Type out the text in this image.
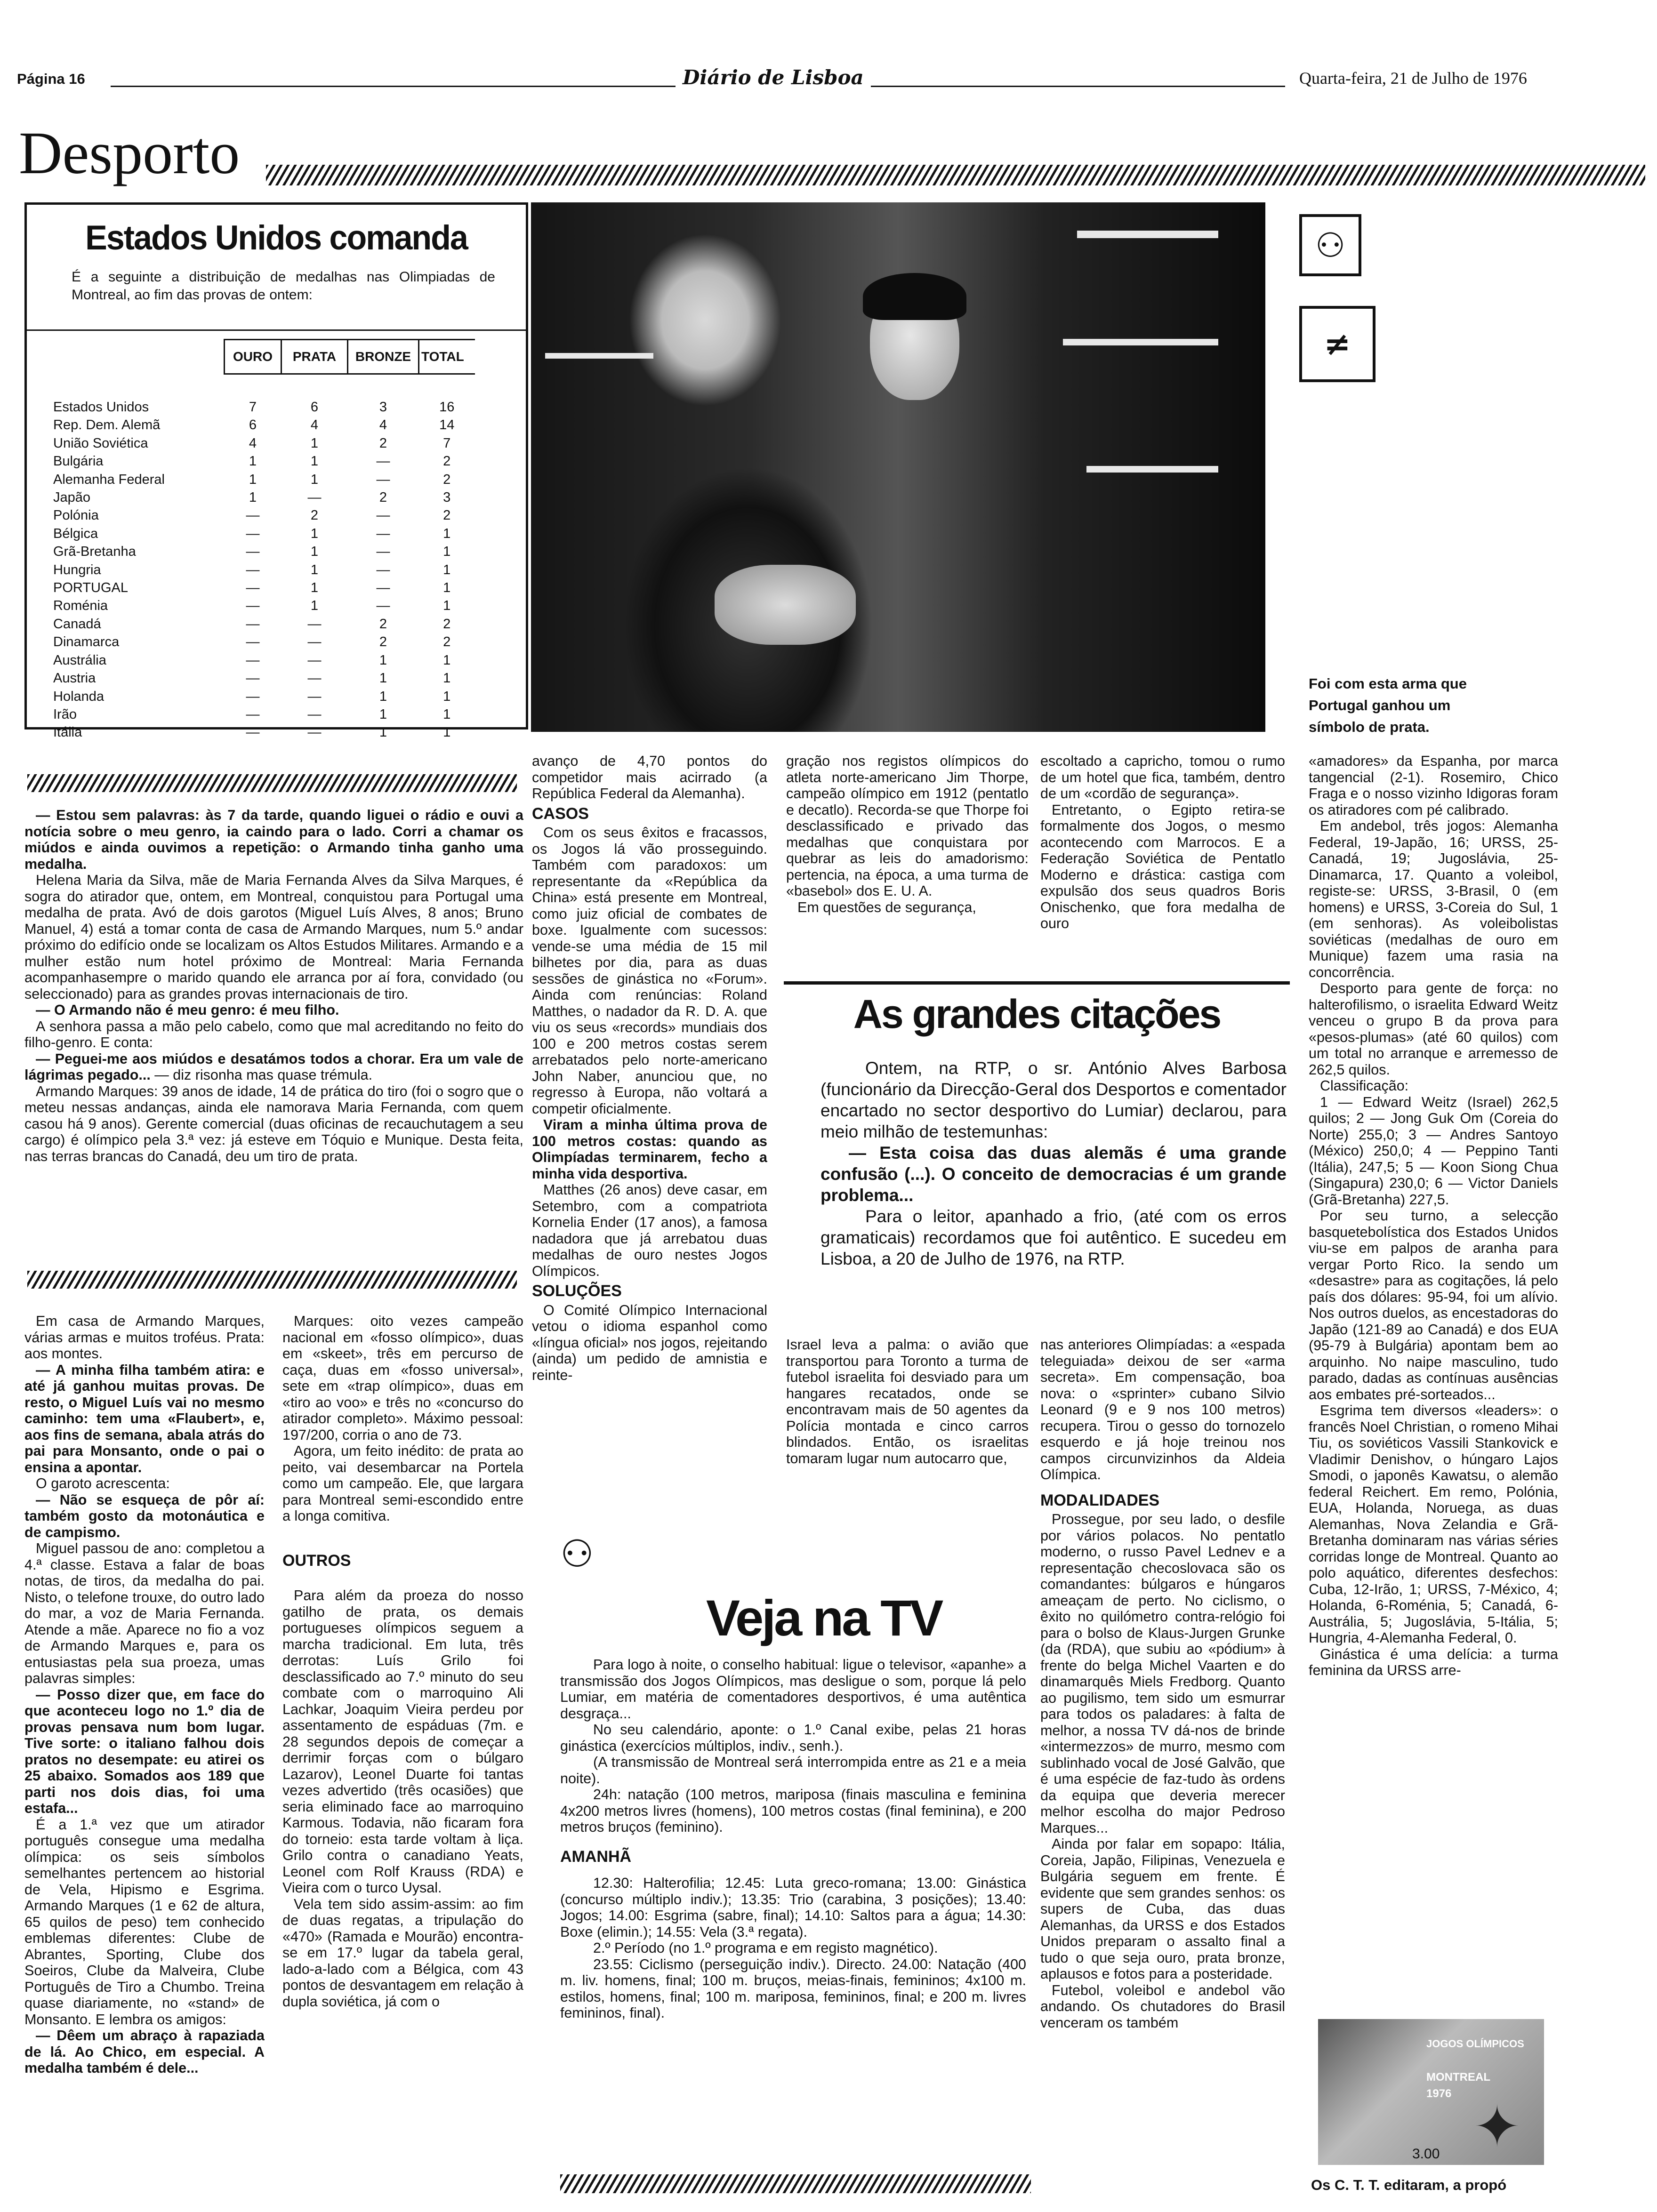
Página 16	Diário de Lisboa	Quarta-feira, 21 de Julho de 1976
Desporto
Estados Unidos comanda
É a seguinte a distribuição de medalhas nas Olimpiadas de Montreal, ao fim das provas de ontem:
	OURO	PRATA	BRONZE	TOTAL

Estados Unidos	7	6	3	16
Rep. Dem. Alemã	6	4	4	14
União Soviética	4	1	2	7
Bulgária	1	1	—	2
Alemanha Federal	1	1	—	2
Japão	1	—	2	3
Polónia	—	2	—	2
Bélgica	—	1	—	1
Grã-Bretanha	—	1	—	1
Hungria	—	1	—	1
PORTUGAL	—	1	—	1
Roménia	—	1	—	1
Canadá	—	—	2	2
Dinamarca	—	—	2	2
Austrália	—	—	1	1
Austria	—	—	1	1
Holanda	—	—	1	1
Irão	—	—	1	1
Itália	—	—	1	1
⚇
≠
Foi com esta arma que Portugal ganhou um símbolo de prata.

— Estou sem palavras: às 7 da tarde, quando liguei o rádio e ouvi a notícia sobre o meu genro, ia caindo para o lado. Corri a chamar os miúdos e ainda ouvimos a repetição: o Armando tinha ganho uma medalha.

Helena Maria da Silva, mãe de Maria Fernanda Alves da Silva Marques, é sogra do atirador que, ontem, em Montreal, conquistou para Portugal uma medalha de prata. Avó de dois garotos (Miguel Luís Alves, 8 anos; Bruno Manuel, 4) está a tomar conta de casa de Armando Marques, num 5.º andar próximo do edifício onde se localizam os Altos Estudos Militares. Armando e a mulher estão num hotel próximo de Montreal: Maria Fernanda acompanhasempre o marido quando ele arranca por aí fora, convidado (ou seleccionado) para as grandes provas internacionais de tiro.

— O Armando não é meu genro: é meu filho.

A senhora passa a mão pelo cabelo, como que mal acreditando no feito do filho-genro. E conta:

— Peguei-me aos miúdos e desatámos todos a chorar. Era um vale de lágrimas pegado... — diz risonha mas quase trémula.

Armando Marques: 39 anos de idade, 14 de prática do tiro (foi o sogro que o meteu nessas andanças, ainda ele namorava Maria Fernanda, com quem casou há 9 anos). Gerente comercial (duas oficinas de recauchutagem a seu cargo) é olímpico pela 3.ª vez: já esteve em Tóquio e Munique. Desta feita, nas terras brancas do Canadá, deu um tiro de prata.

Em casa de Armando Marques, várias armas e muitos troféus. Prata: aos montes.

— A minha filha também atira: e até já ganhou muitas provas. De resto, o Miguel Luís vai no mesmo caminho: tem uma «Flaubert», e, aos fins de semana, abala atrás do pai para Monsanto, onde o pai o ensina a apontar.

O garoto acrescenta:

— Não se esqueça de pôr aí: também gosto da motonáutica e de campismo.

Miguel passou de ano: completou a 4.ª classe. Estava a falar de boas notas, de tiros, da medalha do pai. Nisto, o telefone trouxe, do outro lado do mar, a voz de Maria Fernanda. Atende a mãe. Aparece no fio a voz de Armando Marques e, para os entusiastas pela sua proeza, umas palavras simples:

— Posso dizer que, em face do que aconteceu logo no 1.º dia de provas pensava num bom lugar. Tive sorte: o italiano falhou dois pratos no desempate: eu atirei os 25 abaixo. Somados aos 189 que parti nos dois dias, foi uma estafa...

É a 1.ª vez que um atirador português consegue uma medalha olímpica: os seis símbolos semelhantes pertencem ao historial de Vela, Hipismo e Esgrima. Armando Marques (1 e 62 de altura, 65 quilos de peso) tem conhecido emblemas diferentes: Clube de Abrantes, Sporting, Clube dos Soeiros, Clube da Malveira, Clube Português de Tiro a Chumbo. Treina quase diariamente, no «stand» de Monsanto. E lembra os amigos:

— Dêem um abraço à rapaziada de lá. Ao Chico, em especial. A medalha também é dele...

Marques: oito vezes campeão nacional em «fosso olímpico», duas em «skeet», três em percurso de caça, duas em «fosso universal», sete em «trap olímpico», duas em «tiro ao voo» e três no «concurso do atirador completo». Máximo pessoal: 197/200, corria o ano de 73.

Agora, um feito inédito: de prata ao peito, vai desembarcar na Portela como um campeão. Ele, que largara para Montreal semi-escondido entre a longa comitiva.

OUTROS

Para além da proeza do nosso gatilho de prata, os demais portugueses olímpicos seguem a marcha tradicional. Em luta, três derrotas: Luís Grilo foi desclassificado ao 7.º minuto do seu combate com o marroquino Ali Lachkar, Joaquim Vieira perdeu por assentamento de espáduas (7m. e 28 segundos depois de começar a derrimir forças com o búlgaro Lazarov), Leonel Duarte foi tantas vezes advertido (três ocasiões) que seria eliminado face ao marroquino Karmous. Todavia, não ficaram fora do torneio: esta tarde voltam à liça. Grilo contra o canadiano Yeats, Leonel com Rolf Krauss (RDA) e Vieira com o turco Uysal.

Vela tem sido assim-assim: ao fim de duas regatas, a tripulação do «470» (Ramada e Mourão) encontra-se em 17.º lugar da tabela geral, lado-a-lado com a Bélgica, com 43 pontos de desvantagem em relação à dupla soviética, já com o

avanço de 4,70 pontos do competidor mais acirrado (a República Federal da Alemanha).

CASOS

Com os seus êxitos e fracassos, os Jogos lá vão prosseguindo. Também com paradoxos: um representante da «República da China» está presente em Montreal, como juiz oficial de combates de boxe. Igualmente com sucessos: vende-se uma média de 15 mil bilhetes por dia, para as duas sessões de ginástica no «Forum». Ainda com renúncias: Roland Matthes, o nadador da R. D. A. que viu os seus «records» mundiais dos 100 e 200 metros costas serem arrebatados pelo norte-americano John Naber, anunciou que, no regresso à Europa, não voltará a competir oficialmente.

Viram a minha última prova de 100 metros costas: quando as Olimpíadas terminarem, fecho a minha vida desportiva.

Matthes (26 anos) deve casar, em Setembro, com a compatriota Kornelia Ender (17 anos), a famosa nadadora que já arrebatou duas medalhas de ouro nestes Jogos Olímpicos.

SOLUÇÕES

O Comité Olímpico Internacional vetou o idioma espanhol como «língua oficial» nos jogos, rejeitando (ainda) um pedido de amnistia e reinte-

gração nos registos olímpicos do atleta norte-americano Jim Thorpe, campeão olímpico em 1912 (pentatlo e decatlo). Recorda-se que Thorpe foi desclassificado e privado das medalhas que conquistara por quebrar as leis do amadorismo: pertencia, na época, a uma turma de «basebol» dos E. U. A.

Em questões de segurança,

escoltado a capricho, tomou o rumo de um hotel que fica, também, dentro de um «cordão de segurança».

Entretanto, o Egipto retira-se formalmente dos Jogos, o mesmo acontecendo com Marrocos. E a Federação Soviética de Pentatlo Moderno e drástica: castiga com expulsão dos seus quadros Boris Onischenko, que fora medalha de ouro

As grandes citações

Ontem, na RTP, o sr. António Alves Barbosa (funcionário da Direcção-Geral dos Desportos e comentador encartado no sector desportivo do Lumiar) declarou, para meio milhão de testemunhas:

— Esta coisa das duas alemãs é uma grande confusão (...). O conceito de democracias é um grande problema...

Para o leitor, apanhado a frio, (até com os erros gramaticais) recordamos que foi autêntico. E sucedeu em Lisboa, a 20 de Julho de 1976, na RTP.

Israel leva a palma: o avião que transportou para Toronto a turma de futebol israelita foi desviado para um hangares recatados, onde se encontravam mais de 50 agentes da Polícia montada e cinco carros blindados. Então, os israelitas tomaram lugar num autocarro que,

nas anteriores Olimpíadas: a «espada teleguiada» deixou de ser «arma secreta». Em compensação, boa nova: o «sprinter» cubano Silvio Leonard (9 e 9 nos 100 metros) recupera. Tirou o gesso do tornozelo esquerdo e já hoje treinou nos campos circunvizinhos da Aldeia Olímpica.

MODALIDADES

Prossegue, por seu lado, o desfile por vários polacos. No pentatlo moderno, o russo Pavel Lednev e a representação checoslovaca são os comandantes: búlgaros e húngaros ameaçam de perto. No ciclismo, o êxito no quilómetro contra-relógio foi para o bolso de Klaus-Jurgen Grunke (da (RDA), que subiu ao «pódium» à frente do belga Michel Vaarten e do dinamarquês Miels Fredborg. Quanto ao pugilismo, tem sido um esmurrar para todos os paladares: à falta de melhor, a nossa TV dá-nos de brinde «intermezzos» de murro, mesmo com sublinhado vocal de José Galvão, que é uma espécie de faz-tudo às ordens da equipa que deveria merecer melhor escolha do major Pedroso Marques...

Ainda por falar em sopapo: Itália, Coreia, Japão, Filipinas, Venezuela e Bulgária seguem em frente. É evidente que sem grandes senhos: os supers de Cuba, das duas Alemanhas, da URSS e dos Estados Unidos preparam o assalto final a tudo o que seja ouro, prata bronze, aplausos e fotos para a posteridade.

Futebol, voleibol e andebol vão andando. Os chutadores do Brasil venceram os também

«amadores» da Espanha, por marca tangencial (2-1). Rosemiro, Chico Fraga e o nosso vizinho Idigoras foram os atiradores com pé calibrado.

Em andebol, três jogos: Alemanha Federal, 19-Japão, 16; URSS, 25-Canadá, 19; Jugoslávia, 25-Dinamarca, 17. Quanto a voleibol, registe-se: URSS, 3-Brasil, 0 (em homens) e URSS, 3-Coreia do Sul, 1 (em senhoras). As voleibolistas soviéticas (medalhas de ouro em Munique) fazem uma rasia na concorrência.

Desporto para gente de força: no halterofilismo, o israelita Edward Weitz venceu o grupo B da prova para «pesos-plumas» (até 60 quilos) com um total no arranque e arremesso de 262,5 quilos.

Classificação:

1 — Edward Weitz (Israel) 262,5 quilos; 2 — Jong Guk Om (Coreia do Norte) 255,0; 3 — Andres Santoyo (México) 250,0; 4 — Peppino Tanti (Itália), 247,5; 5 — Koon Siong Chua (Singapura) 230,0; 6 — Victor Daniels (Grã-Bretanha) 227,5.

Por seu turno, a selecção basquetebolística dos Estados Unidos viu-se em palpos de aranha para vergar Porto Rico. Ia sendo um «desastre» para as cogitações, lá pelo país dos dólares: 95-94, foi um alívio. Nos outros duelos, as encestadoras do Japão (121-89 ao Canadá) e dos EUA (95-79 à Bulgária) apontam bem ao arquinho. No naipe masculino, tudo parado, dadas as contínuas ausências aos embates pré-sorteados...

Esgrima tem diversos «leaders»: o francês Noel Christian, o romeno Mihai Tiu, os soviéticos Vassili Stankovick e Vladimir Denishov, o húngaro Lajos Smodi, o japonês Kawatsu, o alemão federal Reichert. Em remo, Polónia, EUA, Holanda, Noruega, as duas Alemanhas, Nova Zelandia e Grã-Bretanha dominaram nas várias séries corridas longe de Montreal. Quanto ao polo aquático, diferentes desfechos: Cuba, 12-Irão, 1; URSS, 7-México, 4; Holanda, 6-Roménia, 5; Canadá, 6-Austrália, 5; Jugoslávia, 5-Itália, 5; Hungria, 4-Alemanha Federal, 0.

Ginástica é uma delícia: a turma feminina da URSS arre-

⚇
Veja na TV

Para logo à noite, o conselho habitual: ligue o televisor, «apanhe» a transmissão dos Jogos Olímpicos, mas desligue o som, porque lá pelo Lumiar, em matéria de comentadores desportivos, é uma autêntica desgraça...

No seu calendário, aponte: o 1.º Canal exibe, pelas 21 horas ginástica (exercícios múltiplos, indiv., senh.).

(A transmissão de Montreal será interrompida entre as 21 e a meia noite).

24h: natação (100 metros, mariposa (finais masculina e feminina 4x200 metros livres (homens), 100 metros costas (final feminina), e 200 metros bruços (feminino).

AMANHÃ

12.30: Halterofilia; 12.45: Luta greco-romana; 13.00: Ginástica (concurso múltiplo indiv.); 13.35: Trio (carabina, 3 posições); 13.40: Jogos; 14.00: Esgrima (sabre, final); 14.10: Saltos para a água; 14.30: Boxe (elimin.); 14.55: Vela (3.ª regata).

2.º Período (no 1.º programa e em registo magnético).

23.55: Ciclismo (perseguição indiv.). Directo. 24.00: Natação (400 m. liv. homens, final; 100 m. bruços, meias-finais, femininos; 4x100 m. estilos, homens, final; 100 m. mariposa, femininos, final; e 200 m. livres femininos, final).

JOGOS OLÍMPICOS
MONTREAL
1976
✦
3.00
Os C. T. T. editaram, a propó
